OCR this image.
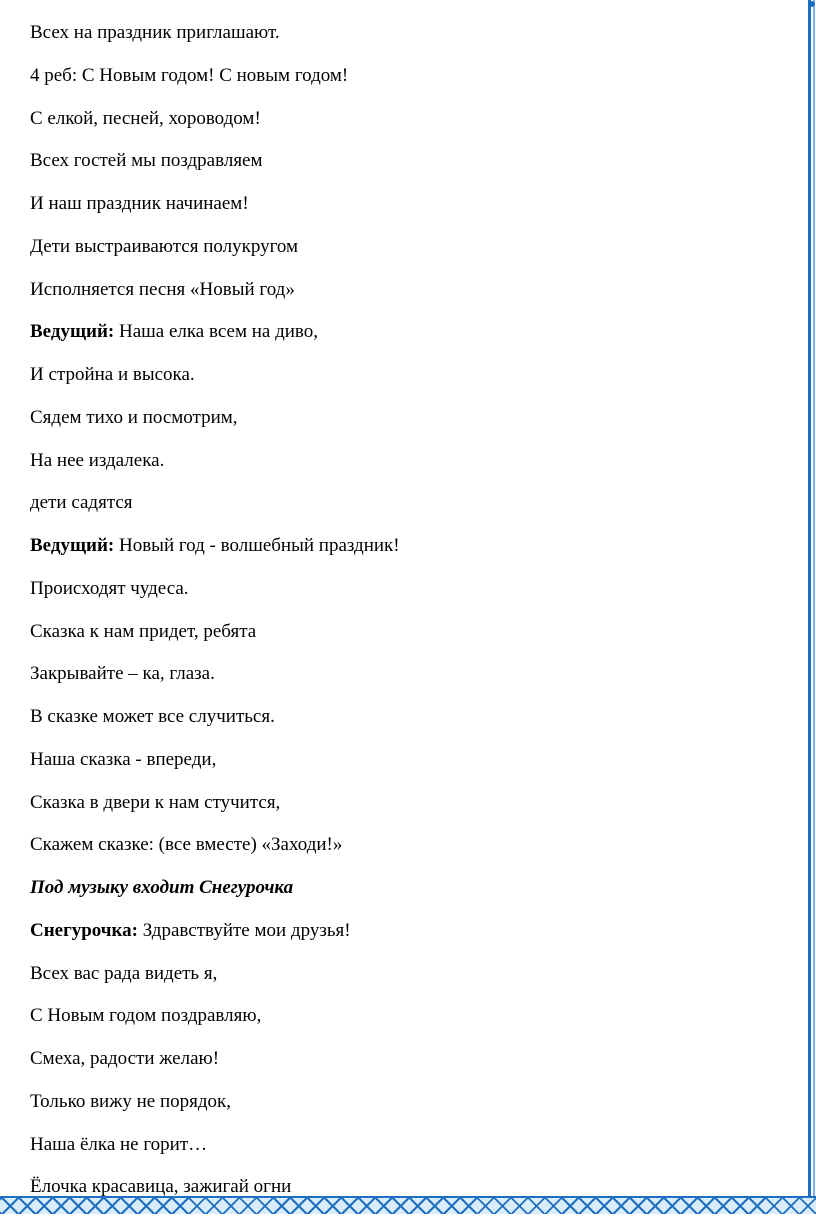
Всех на праздник приглашают.
4 реб: С Новым годом! С новым годом!
С елкой, песней, хороводом!
Всех гостей мы поздравляем
И наш праздник начинаем!
Дети выстраиваются полукругом
Исполняется песня «Новый год»
Ведущий: Наша елка всем на диво,
И стройна и высока.
Сядем тихо и посмотрим,
На нее издалека.
дети садятся
Ведущий: Новый год - волшебный праздник!
Происходят чудеса.
Сказка к нам придет, ребята
Закрывайте – ка, глаза.
В сказке может все случиться.
Наша сказка - впереди,
Сказка в двери к нам стучится,
Скажем сказке: (все вместе) «Заходи!»
Под музыку входит Снегурочка
Снегурочка: Здравствуйте мои друзья!
Всех вас рада видеть я,
С Новым годом поздравляю,
Смеха, радости желаю!
Только вижу не порядок,
Наша ёлка не горит…
Ёлочка красавица, зажигай огни
